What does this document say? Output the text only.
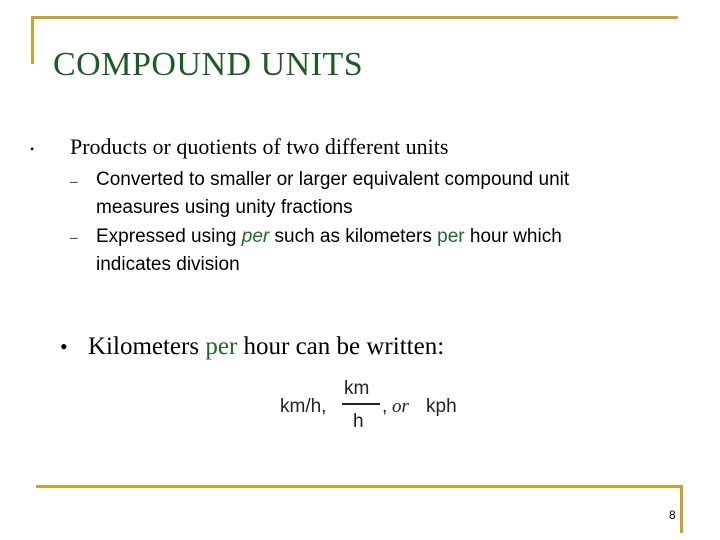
COMPOUND UNITS
• Products or quotients of two different units
– Converted to smaller or larger equivalent compound unit measures using unity fractions
– Expressed using per such as kilometers per hour which indicates division
• Kilometers per hour can be written:
km/h,
km
h
, or kph
8
